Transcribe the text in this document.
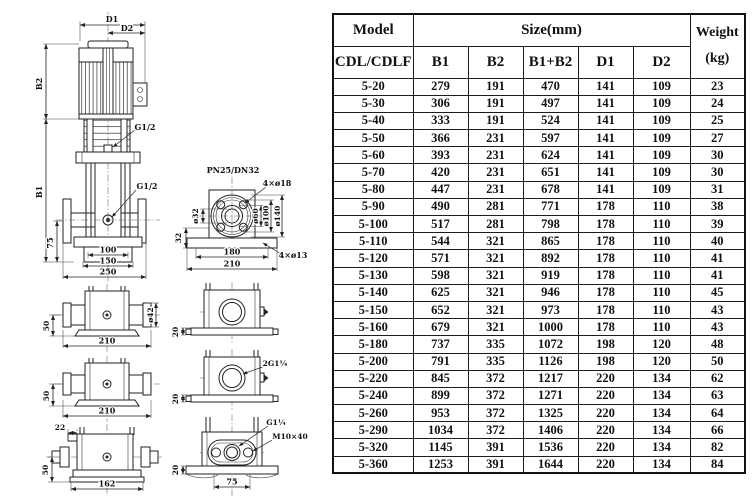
D1
D2
B2
B1
G1/2
G1/2
75
100
150
250
PN25/DN32
4×ø18
ø32	ø60 ø100 ø140
32
180
210
4×ø13
ø42
50
210
50
210
22
50
162
20
2G1¼
20
G1¼
M10×40
75
20
Model	Size(mm)					Weight
(kg)

CDL/CDLF	B1	B2	B1+B2	D1	D2	
5-20	279	191	470	141	109	23
5-30	306	191	497	141	109	24
5-40	333	191	524	141	109	25
5-50	366	231	597	141	109	27
5-60	393	231	624	141	109	30
5-70	420	231	651	141	109	30
5-80	447	231	678	141	109	31
5-90	490	281	771	178	110	38
5-100	517	281	798	178	110	39
5-110	544	321	865	178	110	40
5-120	571	321	892	178	110	41
5-130	598	321	919	178	110	41
5-140	625	321	946	178	110	45
5-150	652	321	973	178	110	43
5-160	679	321	1000	178	110	43
5-180	737	335	1072	198	120	48
5-200	791	335	1126	198	120	50
5-220	845	372	1217	220	134	62
5-240	899	372	1271	220	134	63
5-260	953	372	1325	220	134	64
5-290	1034	372	1406	220	134	66
5-320	1145	391	1536	220	134	82
5-360	1253	391	1644	220	134	84
